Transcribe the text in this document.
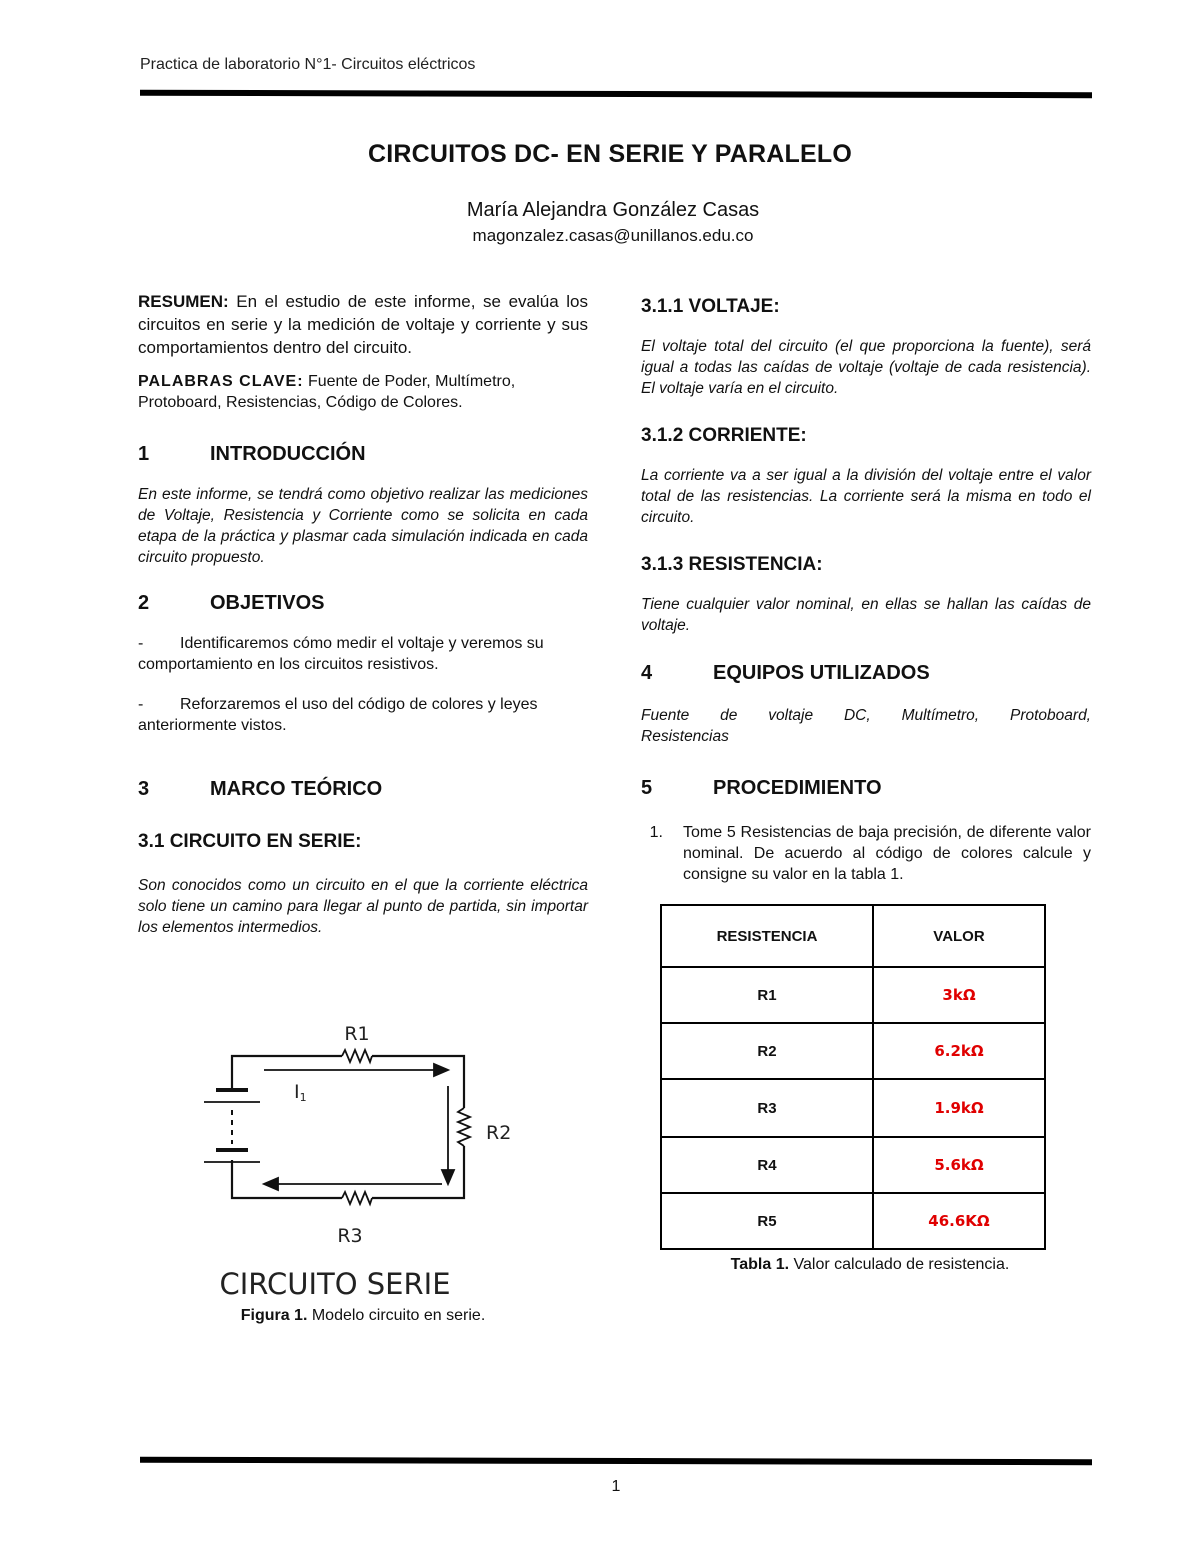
Practica de laboratorio N°1- Circuitos eléctricos
CIRCUITOS DC- EN SERIE Y PARALELO
María Alejandra González Casas
magonzalez.casas@unillanos.edu.co

RESUMEN: En el estudio de este informe, se evalúa los circuitos en serie y la medición de voltaje y corriente y sus comportamientos dentro del circuito.

PALABRAS CLAVE: Fuente de Poder, Multímetro, Protoboard, Resistencias, Código de Colores.

1	INTRODUCCIÓN

En este informe, se tendrá como objetivo realizar las mediciones de Voltaje, Resistencia y Corriente como se solicita en cada etapa de la práctica y plasmar cada simulación indicada en cada circuito propuesto.

2	OBJETIVOS

- Identificaremos cómo medir el voltaje y veremos su comportamiento en los circuitos resistivos.

- Reforzaremos el uso del código de colores y leyes anteriormente vistos.

3	MARCO TEÓRICO
3.1 CIRCUITO EN SERIE:

Son conocidos como un circuito en el que la corriente eléctrica solo tiene un camino para llegar al punto de partida, sin importar los elementos intermedios.

R1
R2
R3
I1
CIRCUITO SERIE
Figura 1. Modelo circuito en serie.
3.1.1 VOLTAJE:

El voltaje total del circuito (el que proporciona la fuente), será igual a todas las caídas de voltaje (voltaje de cada resistencia). El voltaje varía en el circuito.

3.1.2 CORRIENTE:

La corriente va a ser igual a la división del voltaje entre el valor total de las resistencias. La corriente será la misma en todo el circuito.

3.1.3 RESISTENCIA:

Tiene cualquier valor nominal, en ellas se hallan las caídas de voltaje.

4	EQUIPOS UTILIZADOS

Fuente de voltaje DC, Multímetro, Protoboard, Resistencias

5	PROCEDIMIENTO
1.	Tome 5 Resistencias de baja precisión, de diferente valor nominal. De acuerdo al código de colores calcule y consigne su valor en la tabla 1.
RESISTENCIA	VALOR
R1	3kΩ
R2	6.2kΩ
R3	1.9kΩ
R4	5.6kΩ
R5	46.6KΩ
Tabla 1. Valor calculado de resistencia.
1
